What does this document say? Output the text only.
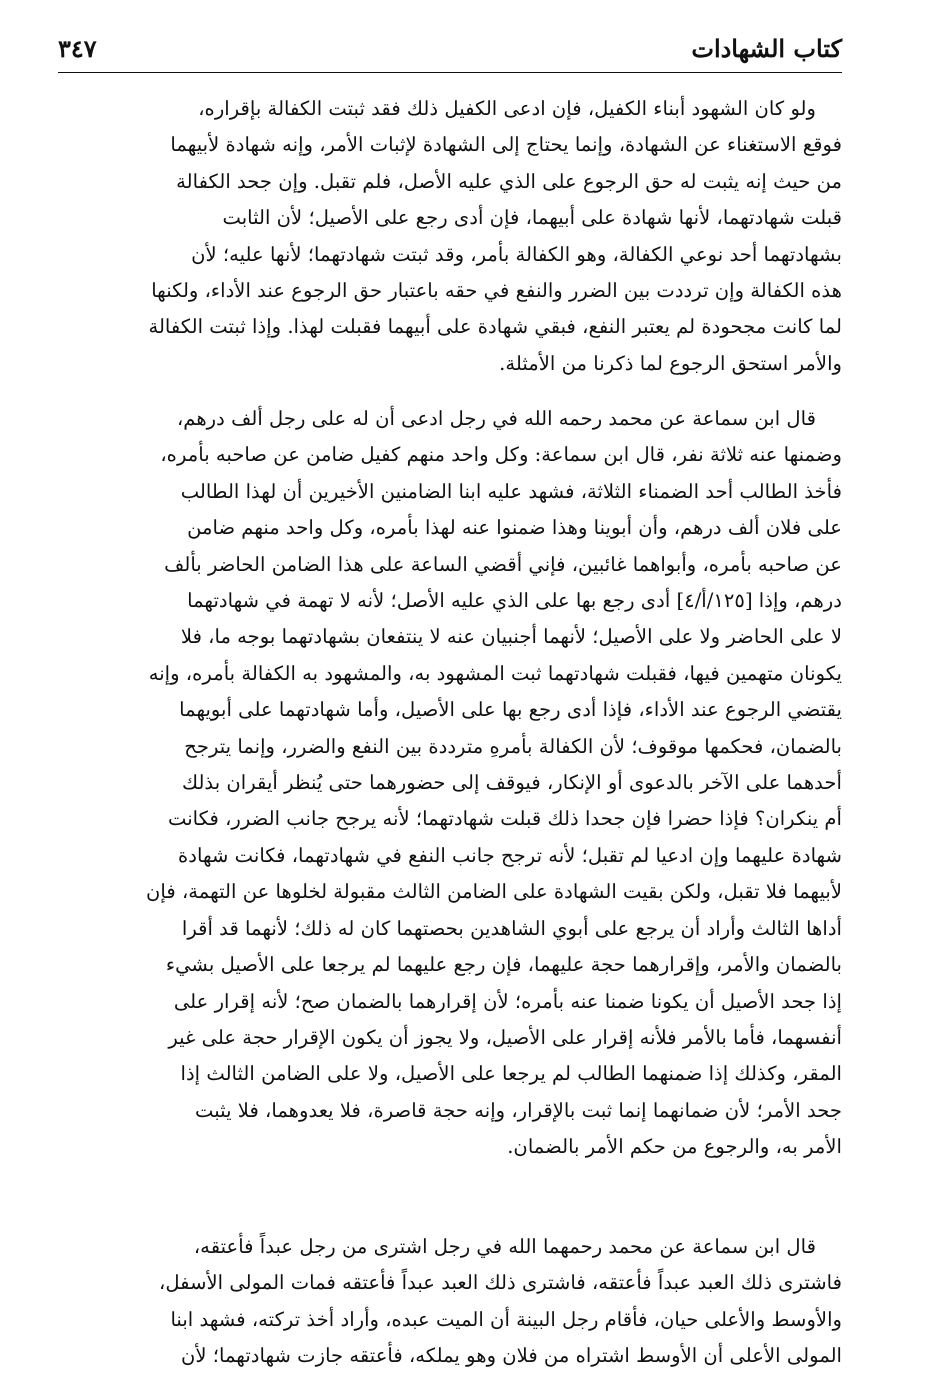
كتاب الشهادات
٣٤٧

ولو كان الشهود أبناء الكفيل، فإن ادعى الكفيل ذلك فقد ثبتت الكفالة بإقراره،
فوقع الاستغناء عن الشهادة، وإنما يحتاج إلى الشهادة لإثبات الأمر، وإنه شهادة لأبيهما
من حيث إنه يثبت له حق الرجوع على الذي عليه الأصل، فلم تقبل. وإن جحد الكفالة
قبلت شهادتهما، لأنها شهادة على أبيهما، فإن أدى رجع على الأصيل؛ لأن الثابت
بشهادتهما أحد نوعي الكفالة، وهو الكفالة بأمر، وقد ثبتت شهادتهما؛ لأنها عليه؛ لأن
هذه الكفالة وإن ترددت بين الضرر والنفع في حقه باعتبار حق الرجوع عند الأداء، ولكنها
لما كانت مجحودة لم يعتبر النفع، فبقي شهادة على أبيهما فقبلت لهذا. وإذا ثبتت الكفالة
والأمر استحق الرجوع لما ذكرنا من الأمثلة.

قال ابن سماعة عن محمد رحمه الله في رجل ادعى أن له على رجل ألف درهم،
وضمنها عنه ثلاثة نفر، قال ابن سماعة: وكل واحد منهم كفيل ضامن عن صاحبه بأمره،
فأخذ الطالب أحد الضمناء الثلاثة، فشهد عليه ابنا الضامنين الأخيرين أن لهذا الطالب
على فلان ألف درهم، وأن أبوينا وهذا ضمنوا عنه لهذا بأمره، وكل واحد منهم ضامن
عن صاحبه بأمره، وأبواهما غائبين، فإني أقضي الساعة على هذا الضامن الحاضر بألف
درهم، وإذا [١٢٥/أ/٤] أدى رجع بها على الذي عليه الأصل؛ لأنه لا تهمة في شهادتهما
لا على الحاضر ولا على الأصيل؛ لأنهما أجنبيان عنه لا ينتفعان بشهادتهما بوجه ما، فلا
يكونان متهمين فيها، فقبلت شهادتهما ثبت المشهود به، والمشهود به الكفالة بأمره، وإنه
يقتضي الرجوع عند الأداء، فإذا أدى رجع بها على الأصيل، وأما شهادتهما على أبويهما
بالضمان، فحكمها موقوف؛ لأن الكفالة بأمرهِ مترددة بين النفع والضرر، وإنما يترجح
أحدهما على الآخر بالدعوى أو الإنكار، فيوقف إلى حضورهما حتى يُنظر أيقران بذلك
أم ينكران؟ فإذا حضرا فإن جحدا ذلك قبلت شهادتهما؛ لأنه يرجح جانب الضرر، فكانت
شهادة عليهما وإن ادعيا لم تقبل؛ لأنه ترجح جانب النفع في شهادتهما، فكانت شهادة
لأبيهما فلا تقبل، ولكن بقيت الشهادة على الضامن الثالث مقبولة لخلوها عن التهمة، فإن
أداها الثالث وأراد أن يرجع على أبوي الشاهدين بحصتهما كان له ذلك؛ لأنهما قد أقرا
بالضمان والأمر، وإقرارهما حجة عليهما، فإن رجع عليهما لم يرجعا على الأصيل بشيء
إذا جحد الأصيل أن يكونا ضمنا عنه بأمره؛ لأن إقرارهما بالضمان صح؛ لأنه إقرار على
أنفسهما، فأما بالأمر فلأنه إقرار على الأصيل، ولا يجوز أن يكون الإقرار حجة على غير
المقر، وكذلك إذا ضمنهما الطالب لم يرجعا على الأصيل، ولا على الضامن الثالث إذا
جحد الأمر؛ لأن ضمانهما إنما ثبت بالإقرار، وإنه حجة قاصرة، فلا يعدوهما، فلا يثبت
الأمر به، والرجوع من حكم الأمر بالضمان.

قال ابن سماعة عن محمد رحمهما الله في رجل اشترى من رجل عبداً فأعتقه،
فاشترى ذلك العبد عبداً فأعتقه، فاشترى ذلك العبد عبداً فأعتقه فمات المولى الأسفل،
والأوسط والأعلى حيان، فأقام رجل البينة أن الميت عبده، وأراد أخذ تركته، فشهد ابنا
المولى الأعلى أن الأوسط اشتراه من فلان وهو يملكه، فأعتقه جازت شهادتهما؛ لأن
